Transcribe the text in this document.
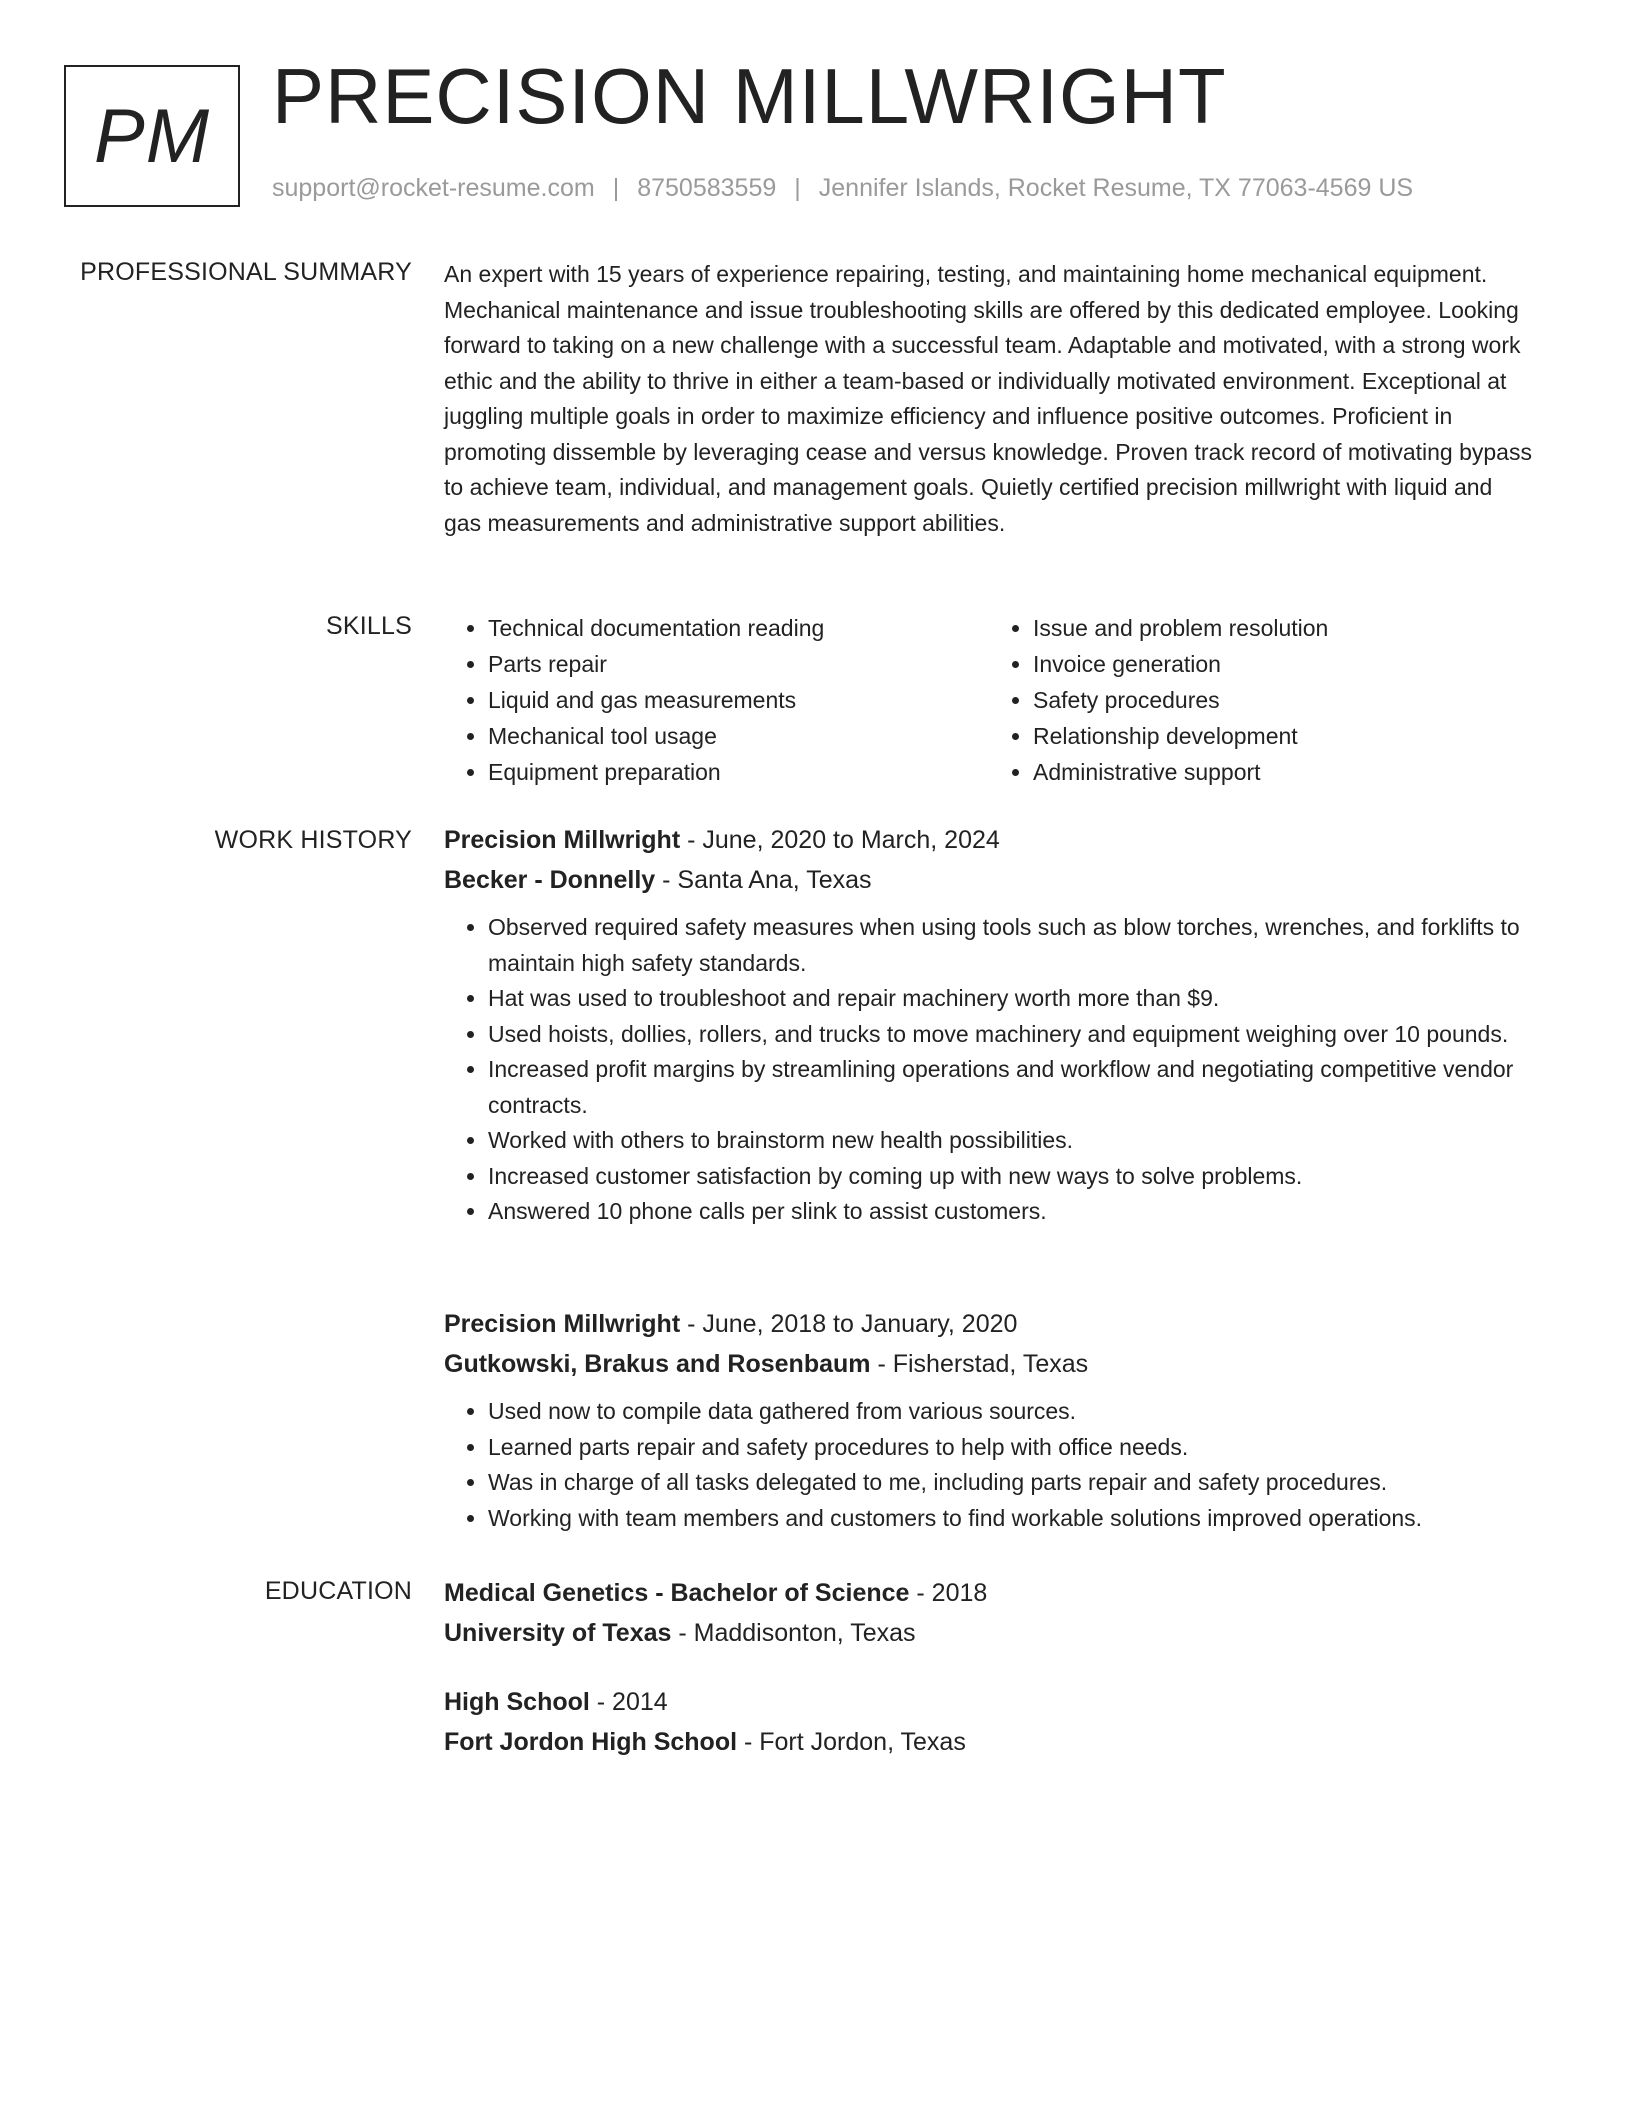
PM PRECISION MILLWRIGHT
support@rocket-resume.com | 8750583559 | Jennifer Islands, Rocket Resume, TX 77063-4569 US
PROFESSIONAL SUMMARY An expert with 15 years of experience repairing, testing, and maintaining home mechanical equipment. Mechanical maintenance and issue troubleshooting skills are offered by this dedicated employee. Looking forward to taking on a new challenge with a successful team. Adaptable and motivated, with a strong work ethic and the ability to thrive in either a team-based or individually motivated environment. Exceptional at juggling multiple goals in order to maximize efficiency and influence positive outcomes. Proficient in promoting dissemble by leveraging cease and versus knowledge. Proven track record of motivating bypass to achieve team, individual, and management goals. Quietly certified precision millwright with liquid and gas measurements and administrative support abilities.

SKILLS
•	Technical documentation reading
• Parts repair
• Liquid and gas measurements
• Mechanical tool usage
• Equipment preparation
• Issue and problem resolution
• Invoice generation
• Safety procedures
• Relationship development
• Administrative support
WORK HISTORY Precision Millwright - June, 2020 to March, 2024
Becker - Donnelly - Santa Ana, Texas
• Observed required safety measures when using tools such as blow torches, wrenches, and forklifts to maintain high safety standards.
• Hat was used to troubleshoot and repair machinery worth more than $9.
• Used hoists, dollies, rollers, and trucks to move machinery and equipment weighing over 10 pounds.
• Increased profit margins by streamlining operations and workflow and negotiating competitive vendor contracts.
• Worked with others to brainstorm new health possibilities.
• Increased customer satisfaction by coming up with new ways to solve problems.
• Answered 10 phone calls per slink to assist customers.
Precision Millwright - June, 2018 to January, 2020
Gutkowski, Brakus and Rosenbaum - Fisherstad, Texas
• Used now to compile data gathered from various sources.
• Learned parts repair and safety procedures to help with office needs.
• Was in charge of all tasks delegated to me, including parts repair and safety procedures.
• Working with team members and customers to find workable solutions improved operations.
EDUCATION Medical Genetics - Bachelor of Science - 2018
University of Texas - Maddisonton, Texas
High School - 2014
Fort Jordon High School - Fort Jordon, Texas
